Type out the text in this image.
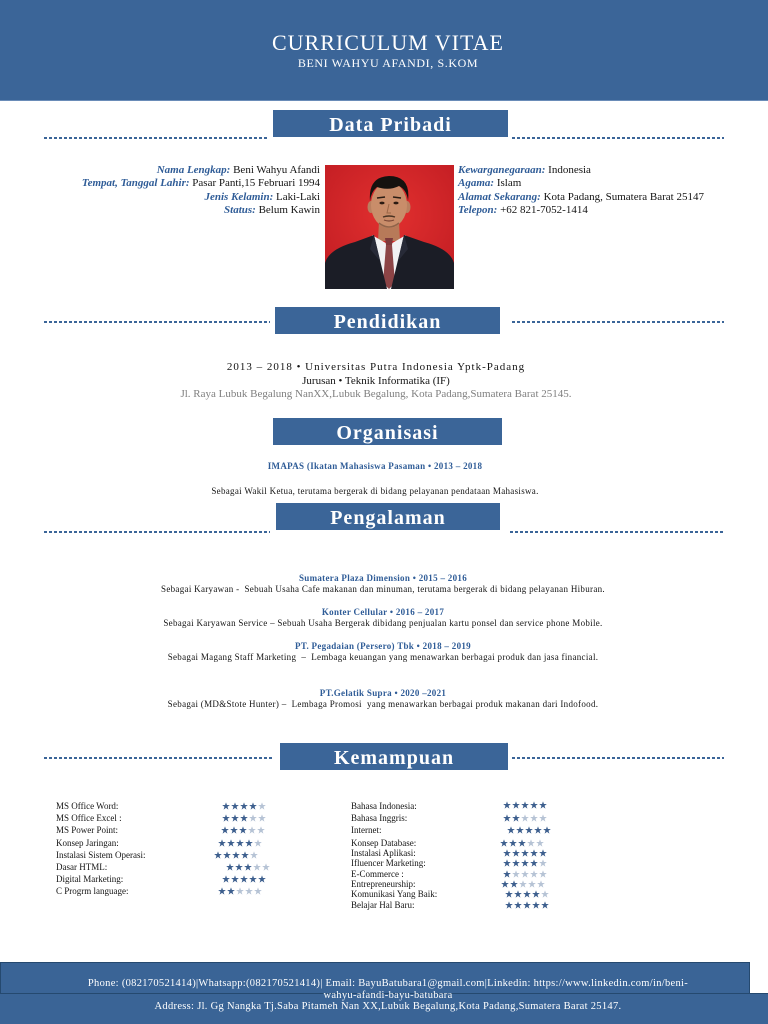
CURRICULUM VITAE
BENI WAHYU AFANDI, S.KOM
Data Pribadi
Nama Lengkap: Beni Wahyu Afandi
Tempat, Tanggal Lahir: Pasar Panti,15 Februari 1994
Jenis Kelamin: Laki-Laki
Status: Belum Kawin
Kewarganegaraan: Indonesia
Agama: Islam
Alamat Sekarang: Kota Padang, Sumatera Barat 25147
Telepon: +62 821-7052-1414
Pendidikan
2013 – 2018 • Universitas Putra Indonesia Yptk-Padang
Jurusan • Teknik Informatika (IF)
Jl. Raya Lubuk Begalung NanXX,Lubuk Begalung, Kota Padang,Sumatera Barat 25145.
Organisasi
IMAPAS (Ikatan Mahasiswa Pasaman • 2013 – 2018
Sebagai Wakil Ketua, terutama bergerak di bidang pelayanan pendataan Mahasiswa.
Pengalaman
Sumatera Plaza Dimension • 2015 – 2016
Sebagai Karyawan -  Sebuah Usaha Cafe makanan dan minuman, terutama bergerak di bidang pelayanan Hiburan.
Konter Cellular • 2016 – 2017
Sebagai Karyawan Service – Sebuah Usaha Bergerak dibidang penjualan kartu ponsel dan service phone Mobile.
PT. Pegadaian (Persero) Tbk • 2018 – 2019
Sebagai Magang Staff Marketing  –  Lembaga keuangan yang menawarkan berbagai produk dan jasa financial.
PT.Gelatik Supra • 2020 –2021
Sebagai (MD&Stote Hunter) –  Lembaga Promosi  yang menawarkan berbagai produk makanan dari Indofood.
Kemampuan
MS Office Word:
MS Office Excel :
MS Power Point:
Konsep Jaringan:
Instalasi Sistem Operasi:
Dasar HTML:
Digital Marketing:
C Progrm language:
Bahasa Indonesia:
Bahasa Inggris:
Internet:
Konsep Database:
Instalasi Aplikasi:
Ifluencer Marketing:
E-Commerce :
Entrepreneurship:
Komunikasi Yang Baik:
Belajar Hal Baru:
Phone: (082170521414)|Whatsapp:(082170521414)| Email: BayuBatubara1@gmail.com|Linkedin: https://www.linkedin.com/in/beni-
wahyu-afandi-bayu-batubara
Address: Jl. Gg Nangka Tj.Saba Pitameh Nan XX,Lubuk Begalung,Kota Padang,Sumatera Barat 25147.
